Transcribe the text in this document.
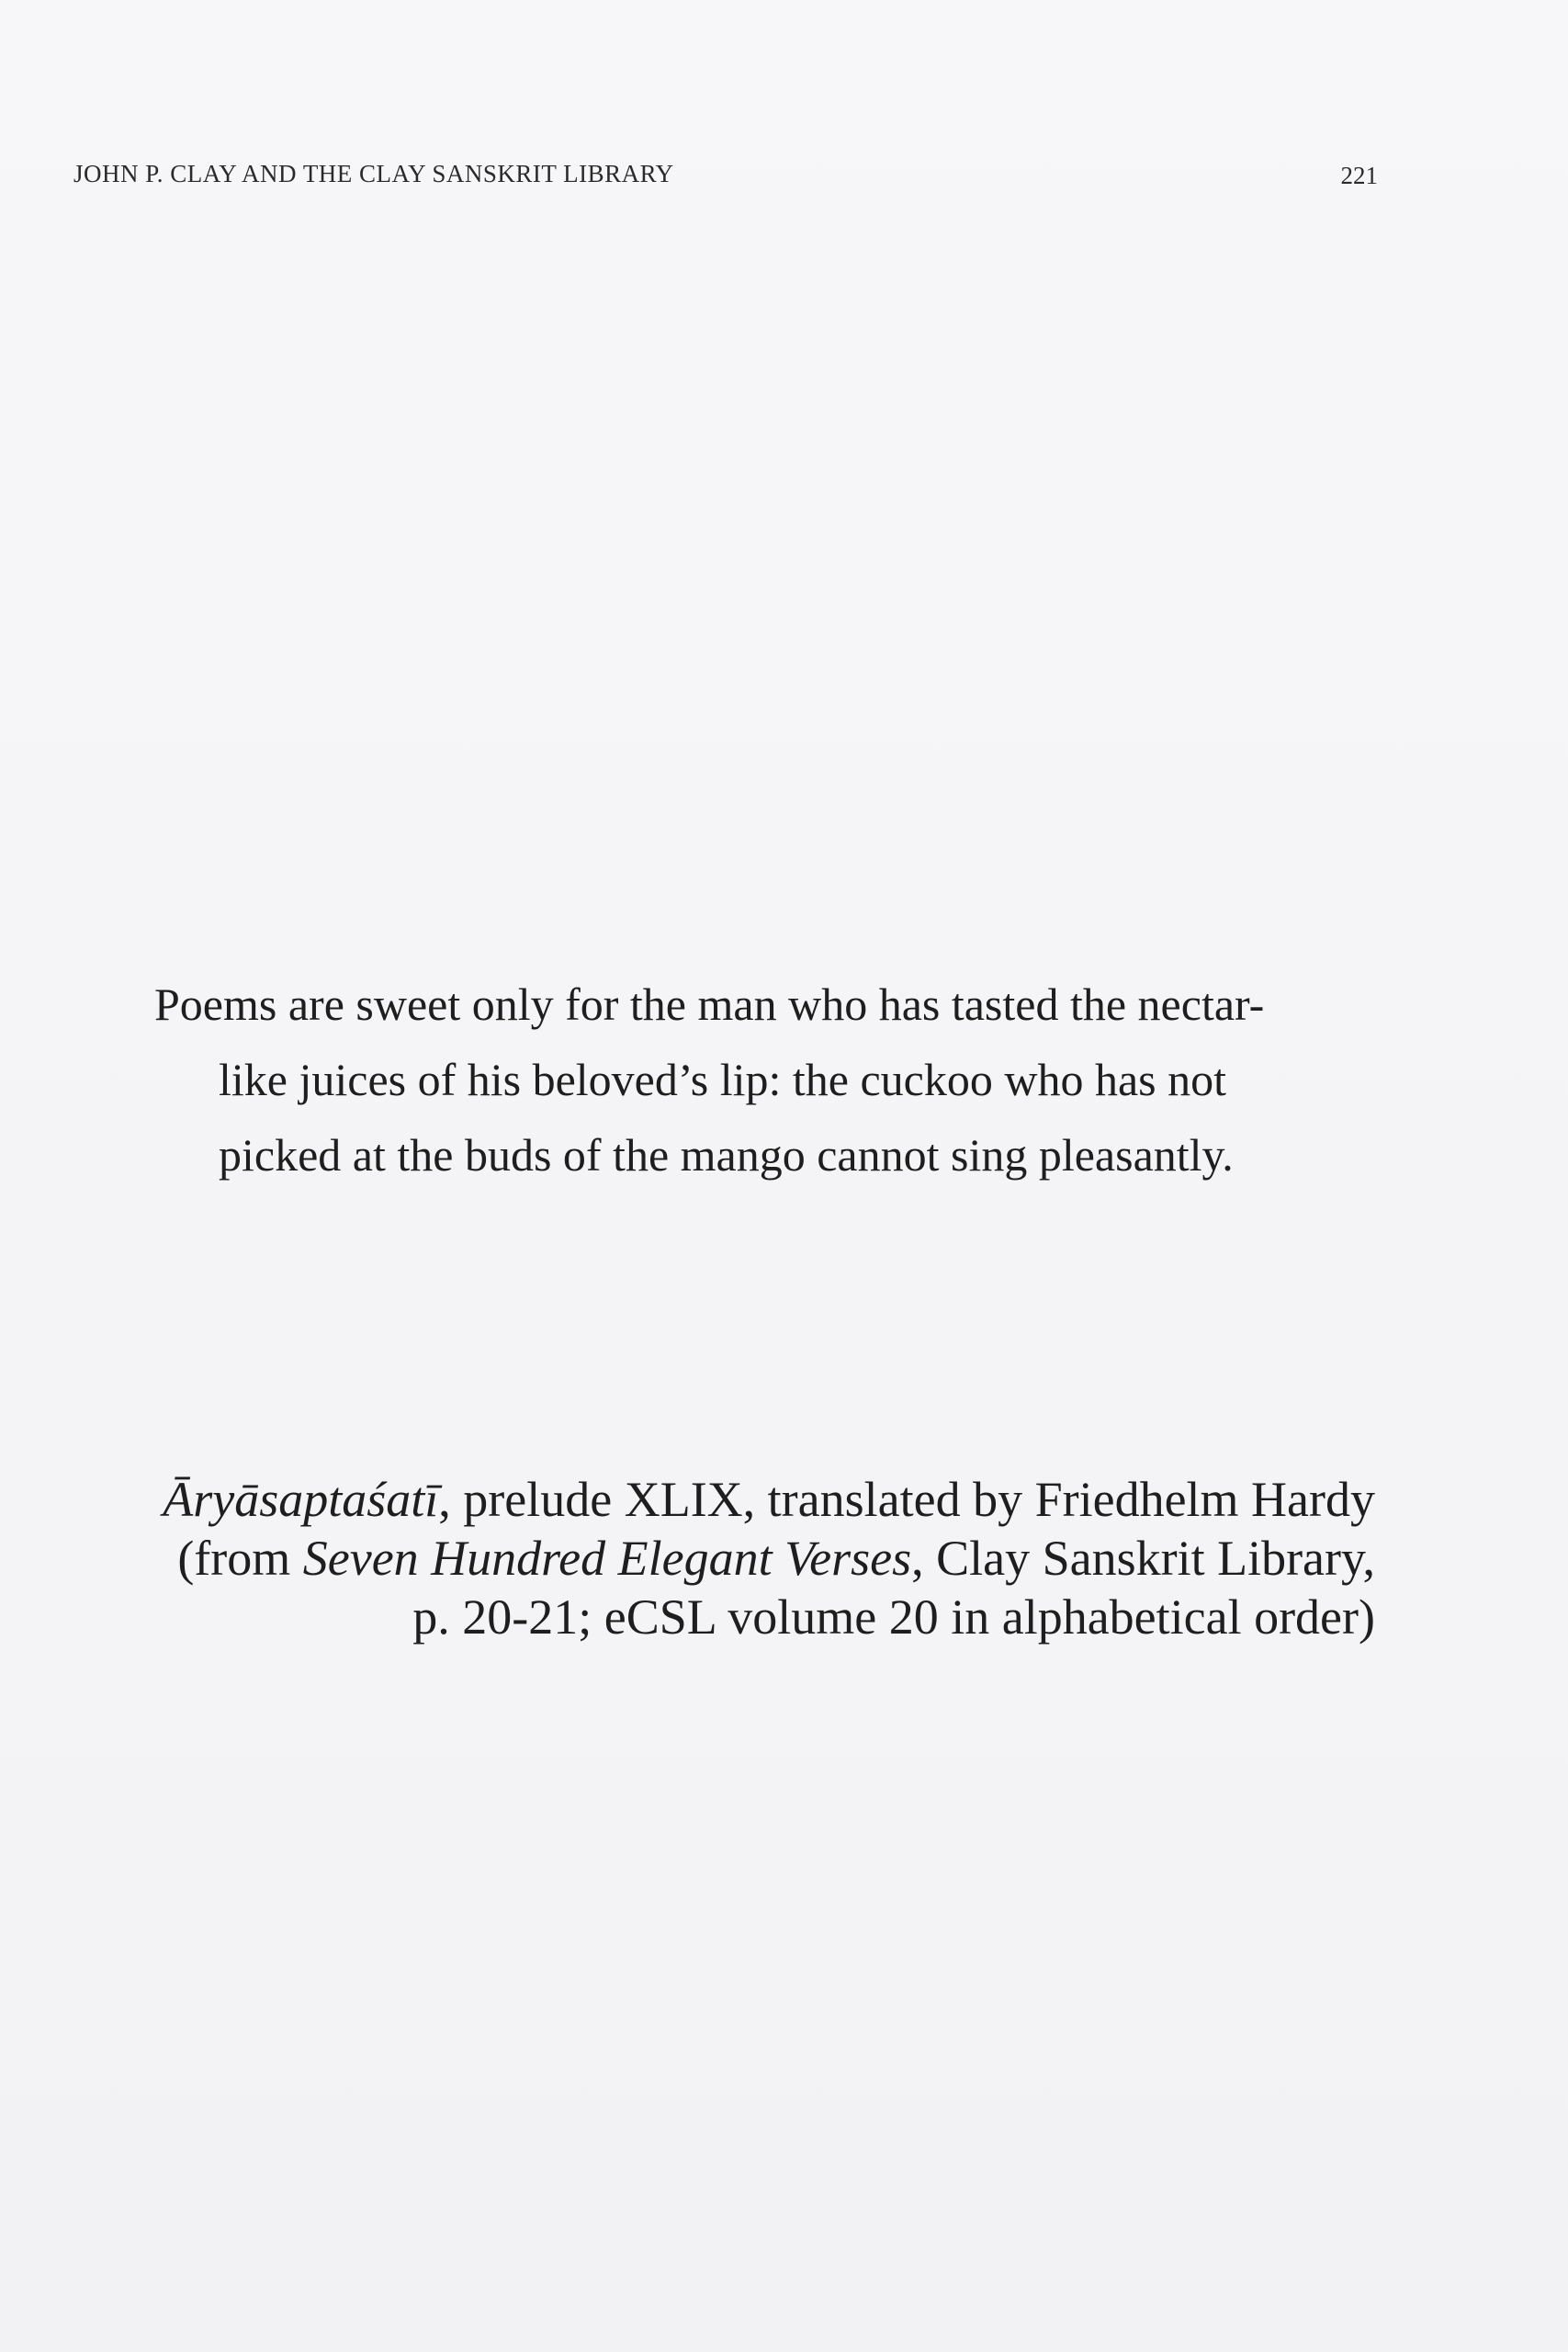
JOHN P. CLAY AND THE CLAY SANSKRIT LIBRARY	221
Poems are sweet only for the man who has tasted the nectar-
like juices of his beloved’s lip: the cuckoo who has not
picked at the buds of the mango cannot sing pleasantly.
Āryāsaptaśatī, prelude XLIX, translated by Friedhelm Hardy
(from Seven Hundred Elegant Verses, Clay Sanskrit Library,
p. 20-21; eCSL volume 20 in alphabetical order)
